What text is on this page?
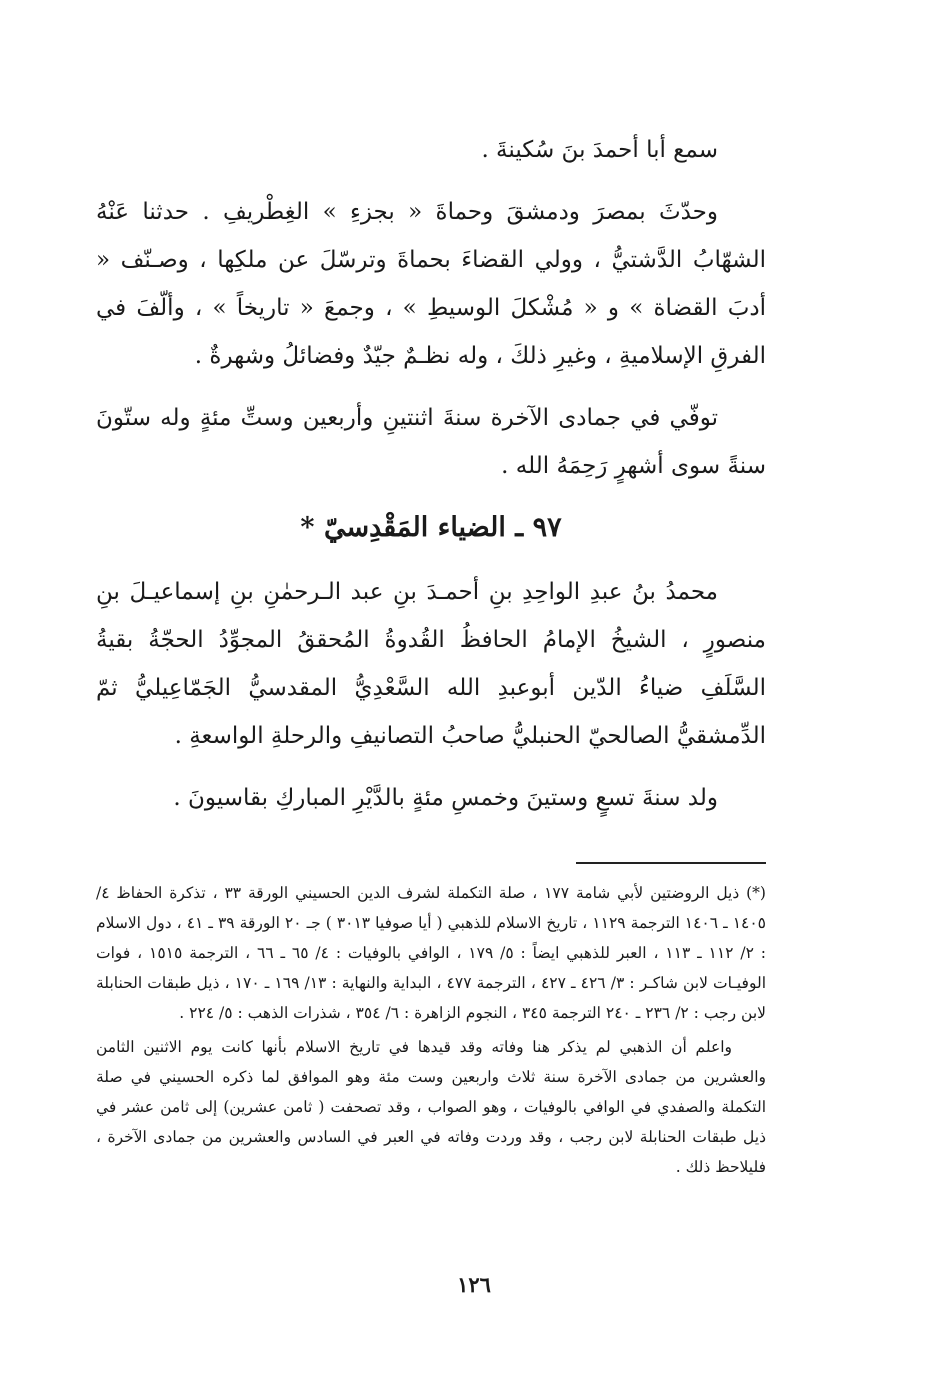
سمع أبا أحمدَ بنَ سُكينةَ .

وحدّثَ بمصرَ ودمشقَ وحماةَ « بجزءِ » الغِطْريفِ . حدثنا عَنْهُ الشهّابُ الدَّشتيُّ ، وولي القضاءَ بحماةَ وترسّلَ عن ملكِها ، وصـنّف « أدبَ القضاة » و « مُشْكلَ الوسيطِ » ، وجمعَ « تاريخاً » ، وألّفَ في الفرقِ الإسلاميةِ ، وغيرِ ذلكَ ، وله نظـمٌ جيّدٌ وفضائلُ وشهرةٌ .

توفّي في جمادى الآخرة سنةَ اثنتينِ وأربعين وستِّ مئةٍ وله ستّونَ سنةً سوى أشهرٍ رَحِمَهُ الله .

٩٧ ـ الضياء المَقْدِسيّ *

محمدُ بنُ عبدِ الواحِدِ بنِ أحمـدَ بنِ عبد الـرحمٰنِ بنِ إسماعيـلَ بنِ منصورٍ ، الشيخُ الإمامُ الحافظُ القُدوةُ المُحققُ المجوِّدُ الحجّةُ بقيةُ السَّلَفِ ضياءُ الدّين أبوعبدِ الله السَّعْدِيُّ المقدسيُّ الجَمّاعِيليُّ ثمّ الدِّمشقيُّ الصالحيّ الحنبليُّ صاحبُ التصانيفِ والرحلةِ الواسعةِ .

ولد سنةَ تسعٍ وستينَ وخمسِ مئةٍ بالدَّيْرِ المباركِ بقاسيونَ .

(*) ذيل الروضتين لأبي شامة ١٧٧ ، صلة التكملة لشرف الدين الحسيني الورقة ٣٣ ، تذكرة الحفاظ ٤/ ١٤٠٥ ـ ١٤٠٦ الترجمة ١١٢٩ ، تاريخ الاسلام للذهبي ( أيا صوفيا ٣٠١٣ ) جـ ٢٠ الورقة ٣٩ ـ ٤١ ، دول الاسلام : ٢/ ١١٢ ـ ١١٣ ، العبر للذهبي ايضاً : ٥/ ١٧٩ ، الوافي بالوفيات : ٤/ ٦٥ ـ ٦٦ ، الترجمة ١٥١٥ ، فوات الوفيـات لابن شاكـر : ٣/ ٤٢٦ ـ ٤٢٧ ، الترجمة ٤٧٧ ، البداية والنهاية : ١٣/ ١٦٩ ـ ١٧٠ ، ذيل طبقات الحنابلة لابن رجب : ٢/ ٢٣٦ ـ ٢٤٠ الترجمة ٣٤٥ ، النجوم الزاهرة : ٦/ ٣٥٤ ، شذرات الذهب : ٥/ ٢٢٤ .

واعلم أن الذهبي لم يذكر هنا وفاته وقد قيدها في تاريخ الاسلام بأنها كانت يوم الاثنين الثامن والعشرين من جمادى الآخرة سنة ثلاث واربعين وست مئة وهو الموافق لما ذكره الحسيني في صلة التكملة والصفدي في الوافي بالوفيات ، وهو الصواب ، وقد تصحفت ( ثامن عشرين) إلى ثامن عشر في ذيل طبقات الحنابلة لابن رجب ، وقد وردت وفاته في العبر في السادس والعشرين من جمادى الآخرة ، فليلاحظ ذلك .

١٢٦
